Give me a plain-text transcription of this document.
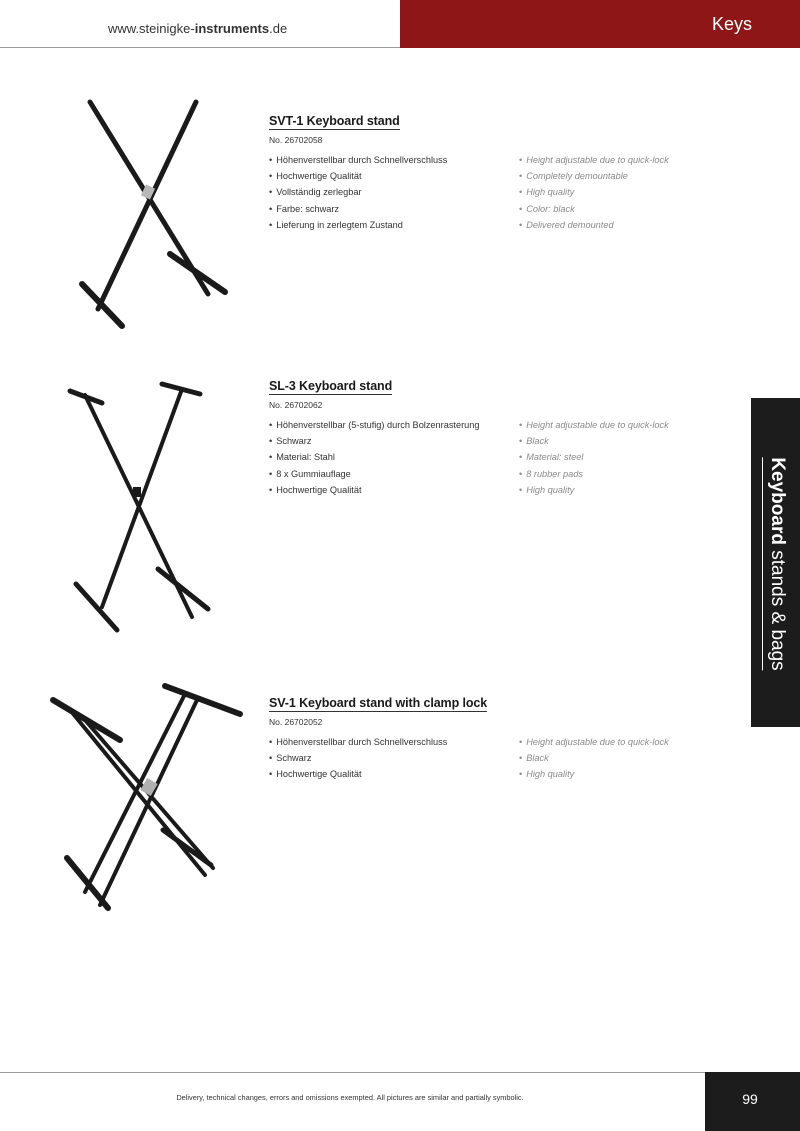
www.steinigke-instruments.de	Keys
Keyboard stands & bags
SVT-1 Keyboard stand
No. 26702058
• Höhenverstellbar durch Schnellverschluss
• Hochwertige Qualität
• Vollständig zerlegbar
• Farbe: schwarz
• Lieferung in zerlegtem Zustand
• Height adjustable due to quick-lock
• Completely demountable
• High quality
• Color: black
• Delivered demounted
SL-3 Keyboard stand
No. 26702062
• Höhenverstellbar (5-stufig) durch Bolzenrasterung
• Schwarz
• Material: Stahl
• 8 x Gummiauflage
• Hochwertige Qualität
• Height adjustable due to quick-lock
• Black
• Material: steel
• 8 rubber pads
• High quality
SV-1 Keyboard stand with clamp lock
No. 26702052
• Höhenverstellbar durch Schnellverschluss
• Schwarz
• Hochwertige Qualität
• Height adjustable due to quick-lock
• Black
• High quality
Delivery, technical changes, errors and omissions exempted. All pictures are similar and partially symbolic.	99
